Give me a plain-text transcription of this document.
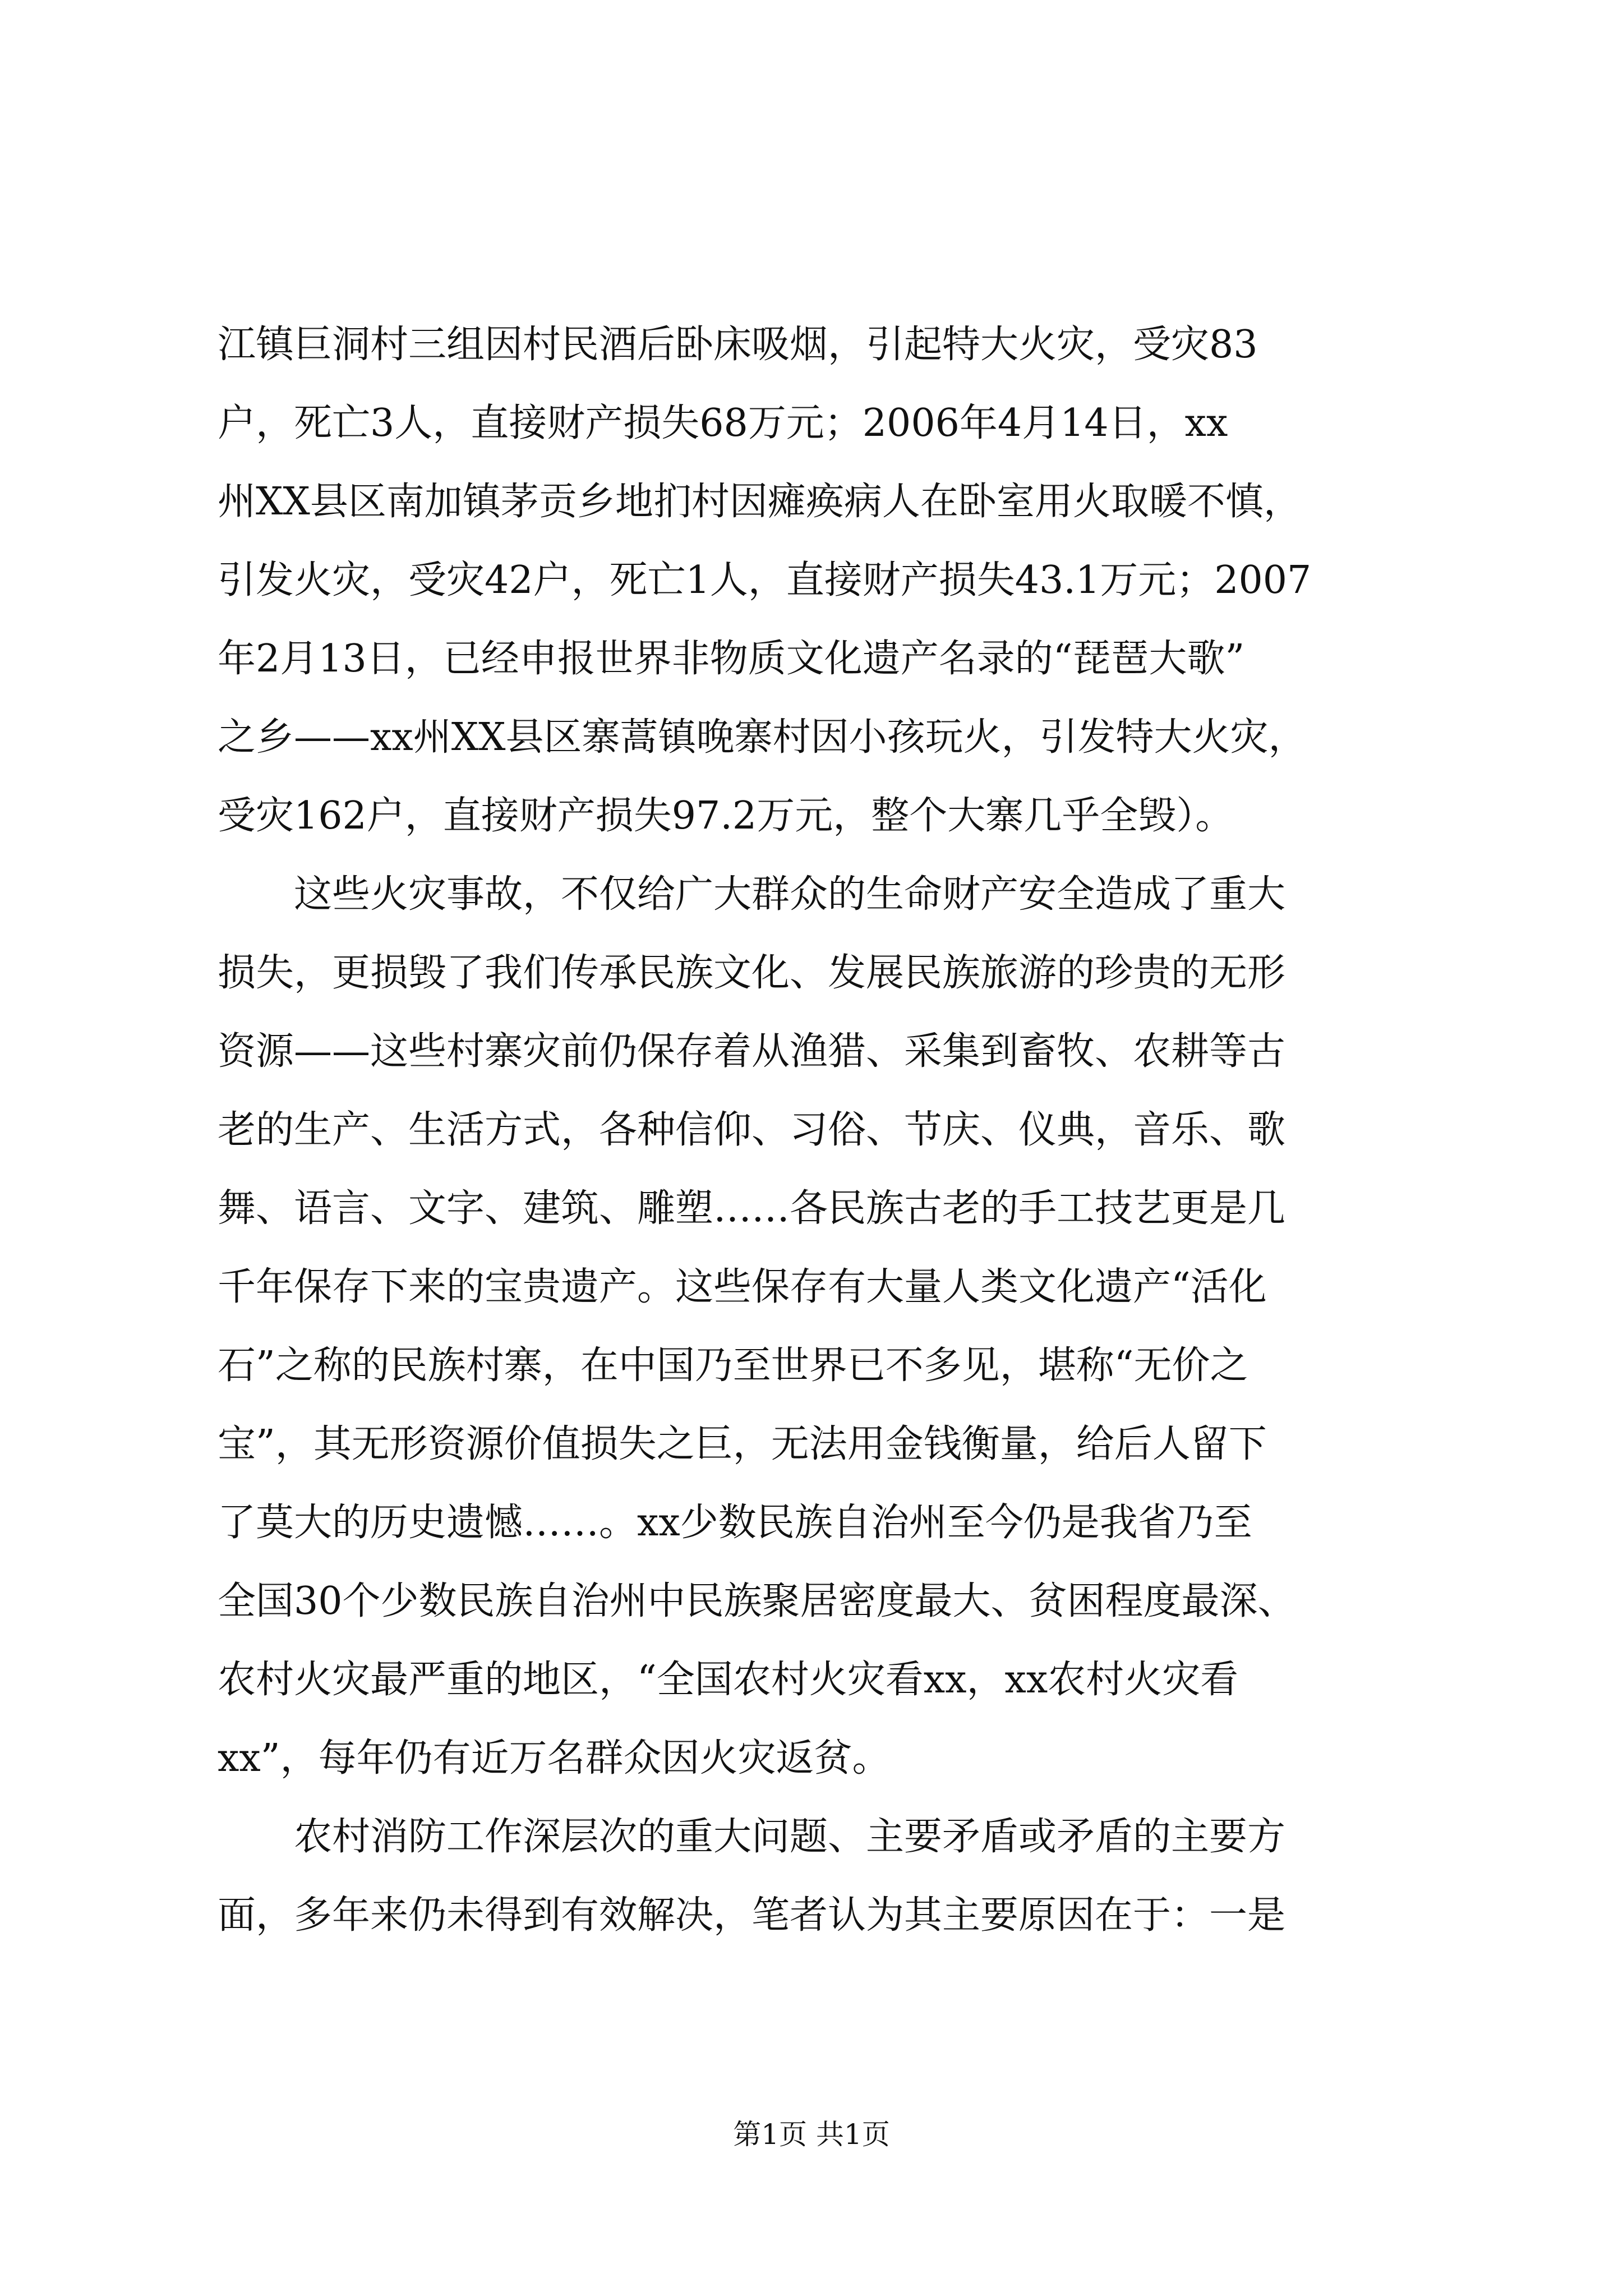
江镇巨洞村三组因村民酒后卧床吸烟，引起特大火灾，受灾83
户，死亡3人，直接财产损失68万元；2006年4月14日，xx
州XX县区南加镇茅贡乡地扪村因瘫痪病人在卧室用火取暖不慎，
引发火灾，受灾42户，死亡1人，直接财产损失43.1万元；2007
年2月13日，已经申报世界非物质文化遗产名录的“琵琶大歌”
之乡——xx州XX县区寨蒿镇晚寨村因小孩玩火，引发特大火灾，
受灾162户，直接财产损失97.2万元，整个大寨几乎全毁）。
这些火灾事故，不仅给广大群众的生命财产安全造成了重大
损失，更损毁了我们传承民族文化、发展民族旅游的珍贵的无形
资源——这些村寨灾前仍保存着从渔猎、采集到畜牧、农耕等古
老的生产、生活方式，各种信仰、习俗、节庆、仪典，音乐、歌
舞、语言、文字、建筑、雕塑……各民族古老的手工技艺更是几
千年保存下来的宝贵遗产。这些保存有大量人类文化遗产“活化
石”之称的民族村寨，在中国乃至世界已不多见，堪称“无价之
宝”，其无形资源价值损失之巨，无法用金钱衡量，给后人留下
了莫大的历史遗憾……。xx少数民族自治州至今仍是我省乃至
全国30个少数民族自治州中民族聚居密度最大、贫困程度最深、
农村火灾最严重的地区，“全国农村火灾看xx，xx农村火灾看
xx”，每年仍有近万名群众因火灾返贫。
农村消防工作深层次的重大问题、主要矛盾或矛盾的主要方
面，多年来仍未得到有效解决，笔者认为其主要原因在于：一是
第1页 共1页
